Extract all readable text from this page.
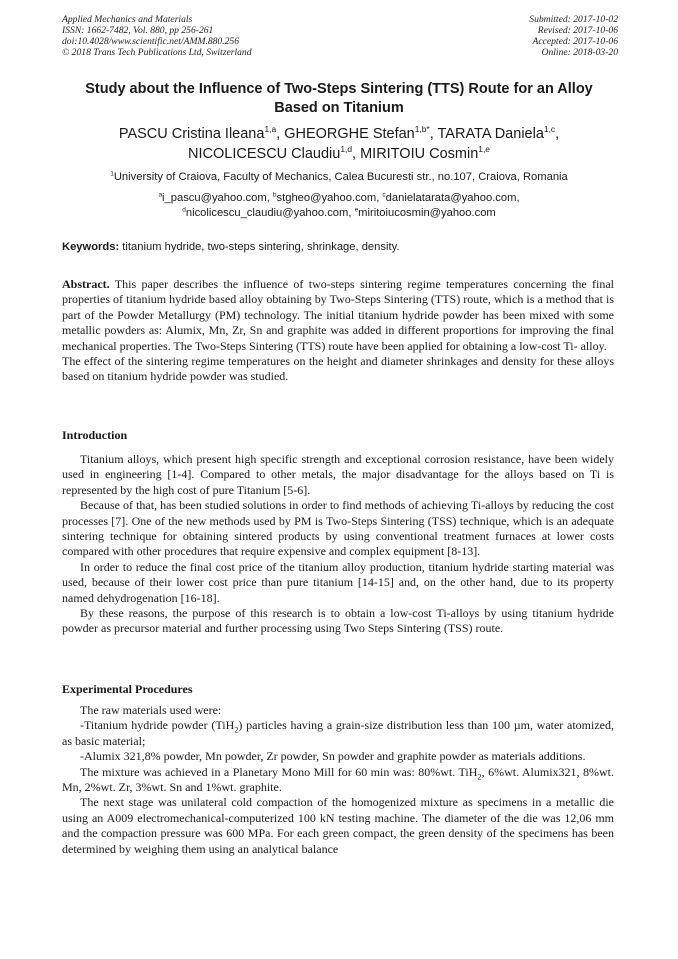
Applied Mechanics and Materials
ISSN: 1662-7482, Vol. 880, pp 256-261
doi:10.4028/www.scientific.net/AMM.880.256
© 2018 Trans Tech Publications Ltd, Switzerland
Submitted: 2017-10-02
Revised: 2017-10-06
Accepted: 2017-10-06
Online: 2018-03-20
Study about the Influence of Two-Steps Sintering (TTS) Route for an Alloy Based on Titanium
PASCU Cristina Ileana$^{1,a}$, GHEORGHE Stefan$^{1,b*}$, TARATA Daniela$^{1,c}$,
NICOLICESCU Claudiu$^{1,d}$, MIRITOIU Cosmin$^{1,e}$
$^1$University of Craiova, Faculty of Mechanics, Calea Bucuresti str., no.107, Craiova, Romania
$^a$i_pascu@yahoo.com, $^b$stgheo@yahoo.com, $^c$danielatarata@yahoo.com,
$^d$nicolicescu_claudiu@yahoo.com, $^e$miritoiucosmin@yahoo.com
Keywords: titanium hydride, two-steps sintering, shrinkage, density.

Abstract. This paper describes the influence of two-steps sintering regime temperatures concerning the final properties of titanium hydride based alloy obtaining by Two-Steps Sintering (TTS) route, which is a method that is part of the Powder Metallurgy (PM) technology. The initial titanium hydride powder has been mixed with some metallic powders as: Alumix, Mn, Zr, Sn and graphite was added in different proportions for improving the final mechanical properties. The Two-Steps Sintering (TTS) route have been applied for obtaining a low-cost Ti- alloy.

The effect of the sintering regime temperatures on the height and diameter shrinkages and density for these alloys based on titanium hydride powder was studied.

Introduction

Titanium alloys, which present high specific strength and exceptional corrosion resistance, have been widely used in engineering [1-4]. Compared to other metals, the major disadvantage for the alloys based on Ti is represented by the high cost of pure Titanium [5-6].

Because of that, has been studied solutions in order to find methods of achieving Ti-alloys by reducing the cost processes [7]. One of the new methods used by PM is Two-Steps Sintering (TSS) technique, which is an adequate sintering technique for obtaining sintered products by using conventional treatment furnaces at lower costs compared with other procedures that require expensive and complex equipment [8-13].

In order to reduce the final cost price of the titanium alloy production, titanium hydride starting material was used, because of their lower cost price than pure titanium [14-15] and, on the other hand, due to its property named dehydrogenation [16-18].

By these reasons, the purpose of this research is to obtain a low-cost Ti-alloys by using titanium hydride powder as precursor material and further processing using Two Steps Sintering (TSS) route.

Experimental Procedures

The raw materials used were:

-Titanium hydride powder (TiH$_2$) particles having a grain-size distribution less than 100 µm, water atomized, as basic material;

-Alumix 321,8% powder, Mn powder, Zr powder, Sn powder and graphite powder as materials additions.

The mixture was achieved in a Planetary Mono Mill for 60 min was: 80%wt. TiH$_2$, 6%wt. Alumix321, 8%wt. Mn, 2%wt. Zr, 3%wt. Sn and 1%wt. graphite.

The next stage was unilateral cold compaction of the homogenized mixture as specimens in a metallic die using an A009 electromechanical-computerized 100 kN testing machine. The diameter of the die was 12,06 mm and the compaction pressure was 600 MPa. For each green compact, the green density of the specimens has been determined by weighing them using an analytical balance
